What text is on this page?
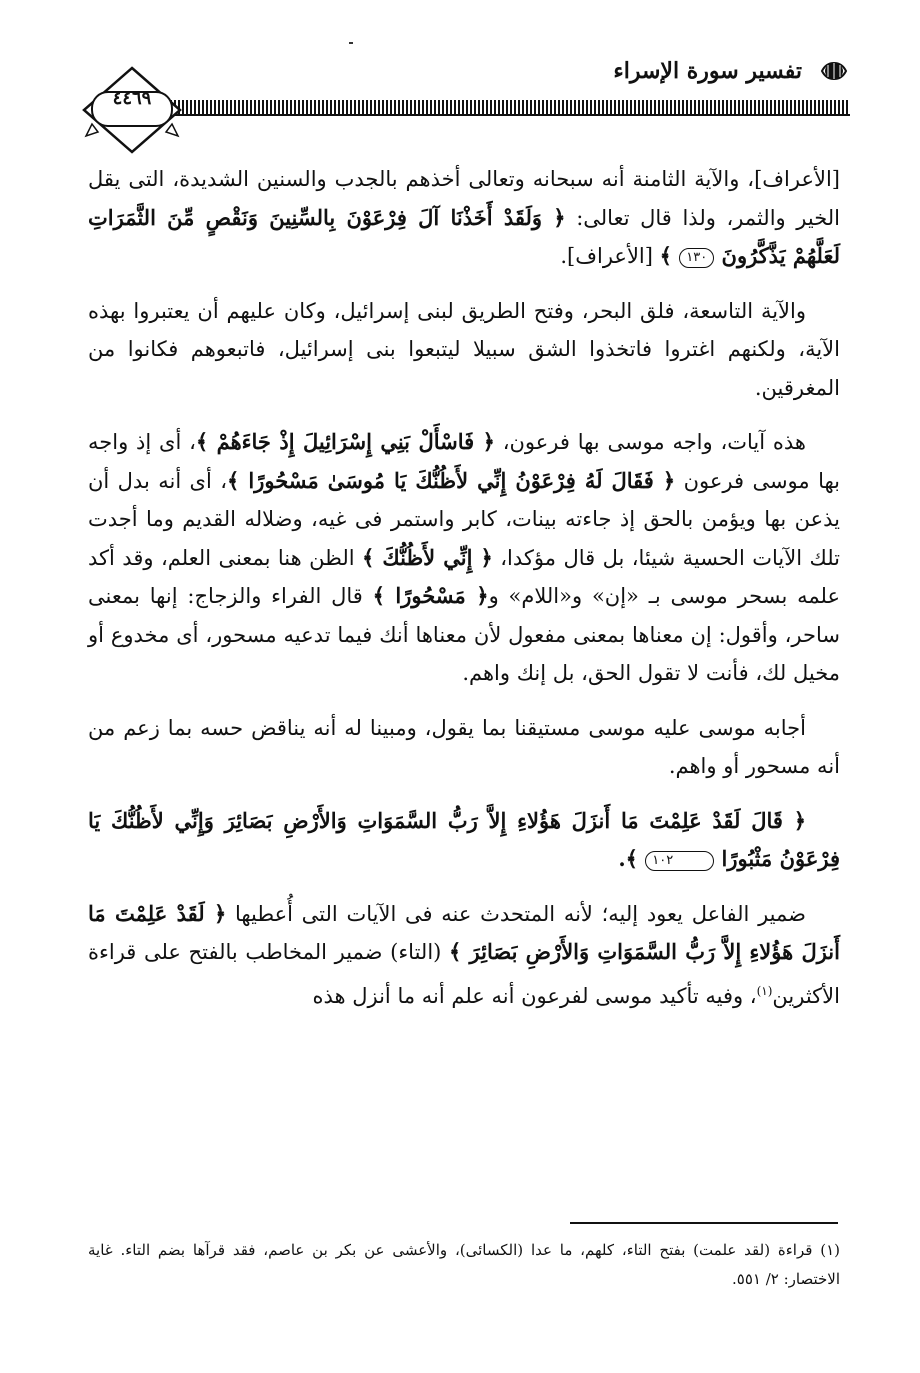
تفسير سورة الإسراء
٤٤٦٩

[الأعراف]، والآية الثامنة أنه سبحانه وتعالى أخذهم بالجدب والسنين الشديدة، التى يقل الخير والثمر، ولذا قال تعالى: ﴿ وَلَقَدْ أَخَذْنَا آلَ فِرْعَوْنَ بِالسِّنِينَ وَنَقْصٍ مِّنَ الثَّمَرَاتِ لَعَلَّهُمْ يَذَّكَّرُونَ ١٣٠ ﴾ [الأعراف].

والآية التاسعة، فلق البحر، وفتح الطريق لبنى إسرائيل، وكان عليهم أن يعتبروا بهذه الآية، ولكنهم اغتروا فاتخذوا الشق سبيلا ليتبعوا بنى إسرائيل، فاتبعوهم فكانوا من المغرقين.

هذه آيات، واجه موسى بها فرعون، ﴿ فَاسْأَلْ بَنِي إِسْرَائِيلَ إِذْ جَاءَهُمْ ﴾، أى إذ واجه بها موسى فرعون ﴿ فَقَالَ لَهُ فِرْعَوْنُ إِنِّي لأَظُنُّكَ يَا مُوسَىٰ مَسْحُورًا ﴾، أى أنه بدل أن يذعن بها ويؤمن بالحق إذ جاءته بينات، كابر واستمر فى غيه، وضلاله القديم وما أجدت تلك الآيات الحسية شيئا، بل قال مؤكدا، ﴿ إِنِّي لأَظُنُّكَ ﴾ الظن هنا بمعنى العلم، وقد أكد علمه بسحر موسى بـ «إن» و«اللام» و﴿ مَسْحُورًا ﴾ قال الفراء والزجاج: إنها بمعنى ساحر، وأقول: إن معناها بمعنى مفعول لأن معناها أنك فيما تدعيه مسحور، أى مخدوع أو مخيل لك، فأنت لا تقول الحق، بل إنك واهم.

أجابه موسى عليه موسى مستيقنا بما يقول، ومبينا له أنه يناقض حسه بما زعم من أنه مسحور أو واهم.

﴿ قَالَ لَقَدْ عَلِمْتَ مَا أَنزَلَ هَؤُلاءِ إِلاَّ رَبُّ السَّمَوَاتِ وَالأَرْضِ بَصَائِرَ وَإِنِّي لأَظُنُّكَ يَا فِرْعَوْنُ مَثْبُورًا ١٠٢ ﴾.

ضمير الفاعل يعود إليه؛ لأنه المتحدث عنه فى الآيات التى أُعطيها ﴿ لَقَدْ عَلِمْتَ مَا أَنزَلَ هَؤُلاءِ إِلاَّ رَبُّ السَّمَوَاتِ وَالأَرْضِ بَصَائِرَ ﴾ (التاء) ضمير المخاطب بالفتح على قراءة الأكثرين$^{(١)}$، وفيه تأكيد موسى لفرعون أنه علم أنه ما أنزل هذه

(١) قراءة (لقد علمت) بفتح التاء، كلهم، ما عدا (الكسائى)، والأعشى عن بكر بن عاصم، فقد قرآها بضم التاء. غاية الاختصار: ٢/ ٥٥١.
